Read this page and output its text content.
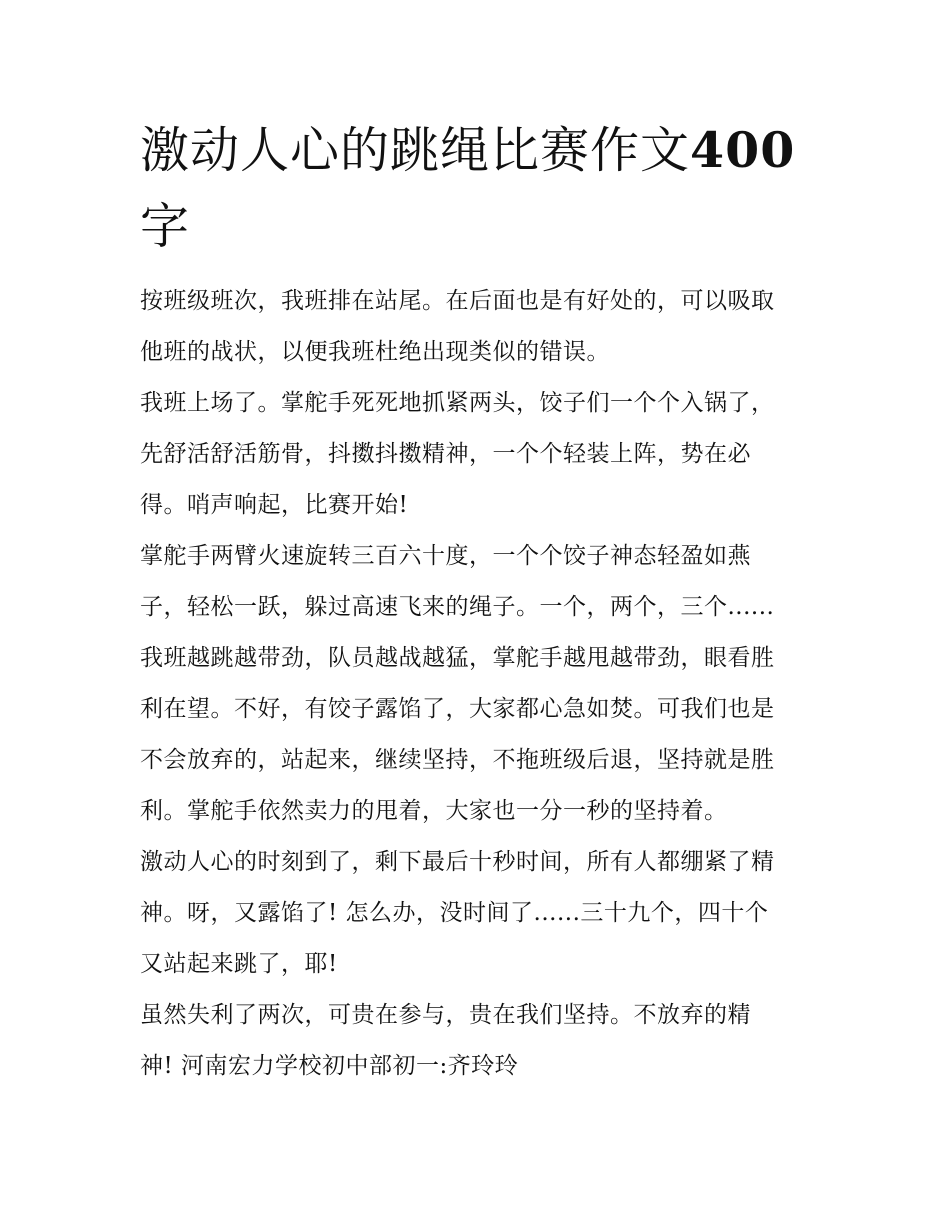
激动人心的跳绳比赛作文400
字

按班级班次，我班排在站尾。在后面也是有好处的，可以吸取
他班的战状，以便我班杜绝出现类似的错误。

我班上场了。掌舵手死死地抓紧两头，饺子们一个个入锅了，
先舒活舒活筋骨，抖擞抖擞精神，一个个轻装上阵，势在必
得。哨声响起，比赛开始!

掌舵手两臂火速旋转三百六十度，一个个饺子神态轻盈如燕
子，轻松一跃，躲过高速飞来的绳子。一个，两个，三个......
我班越跳越带劲，队员越战越猛，掌舵手越甩越带劲，眼看胜
利在望。不好，有饺子露馅了，大家都心急如焚。可我们也是
不会放弃的，站起来，继续坚持，不拖班级后退，坚持就是胜
利。掌舵手依然卖力的甩着，大家也一分一秒的坚持着。

激动人心的时刻到了，剩下最后十秒时间，所有人都绷紧了精
神。呀，又露馅了! 怎么办，没时间了......三十九个，四十个
又站起来跳了，耶!

虽然失利了两次，可贵在参与，贵在我们坚持。不放弃的精
神! 河南宏力学校初中部初一:齐玲玲
